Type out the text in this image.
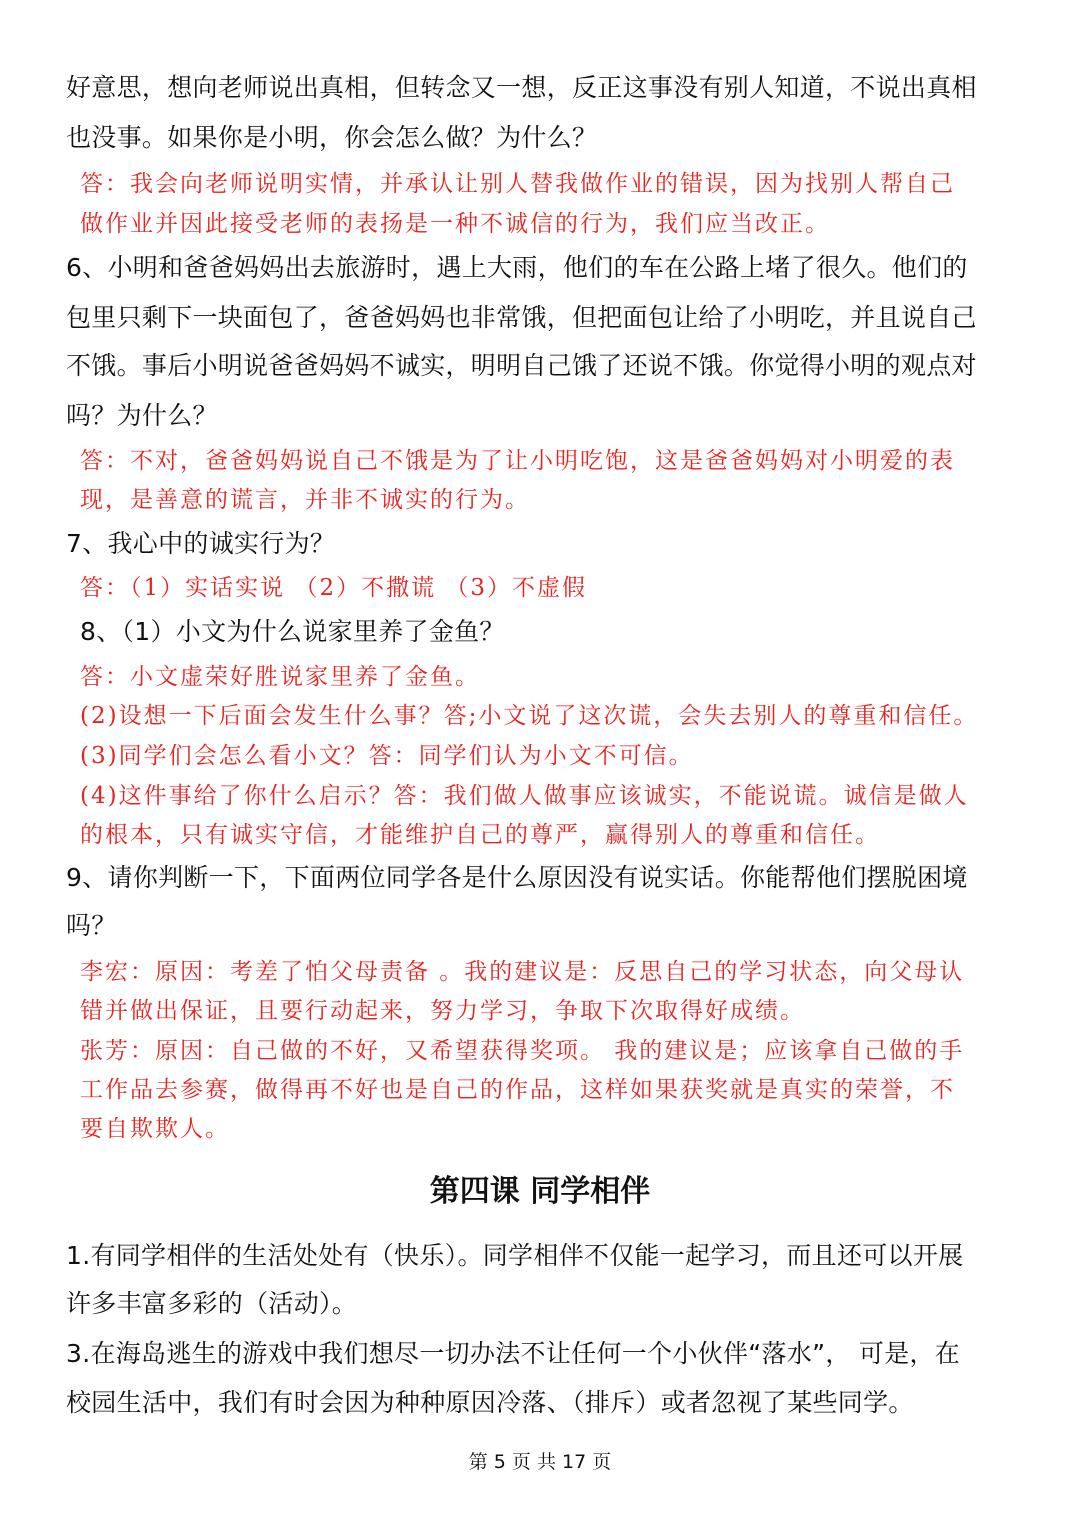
好意思，想向老师说出真相，但转念又一想，反正这事没有别人知道，不说出真相
也没事。如果你是小明，你会怎么做？为什么？
答：我会向老师说明实情，并承认让别人替我做作业的错误，因为找别人帮自己
做作业并因此接受老师的表扬是一种不诚信的行为，我们应当改正。
6、小明和爸爸妈妈出去旅游时，遇上大雨，他们的车在公路上堵了很久。他们的
包里只剩下一块面包了，爸爸妈妈也非常饿，但把面包让给了小明吃，并且说自己
不饿。事后小明说爸爸妈妈不诚实，明明自己饿了还说不饿。你觉得小明的观点对
吗？为什么？
答：不对，爸爸妈妈说自己不饿是为了让小明吃饱，这是爸爸妈妈对小明爱的表
现，是善意的谎言，并非不诚实的行为。
7、我心中的诚实行为？
答：（1）实话实说 （2）不撒谎 （3）不虚假
8、（1）小文为什么说家里养了金鱼？
答：小文虚荣好胜说家里养了金鱼。
(2)设想一下后面会发生什么事？答;小文说了这次谎，会失去别人的尊重和信任。
(3)同学们会怎么看小文？答：同学们认为小文不可信。
(4)这件事给了你什么启示？答：我们做人做事应该诚实，不能说谎。诚信是做人
的根本，只有诚实守信，才能维护自己的尊严，赢得别人的尊重和信任。
9、请你判断一下，下面两位同学各是什么原因没有说实话。你能帮他们摆脱困境
吗？
李宏：原因：考差了怕父母责备 。我的建议是：反思自己的学习状态，向父母认
错并做出保证，且要行动起来，努力学习，争取下次取得好成绩。
张芳：原因：自己做的不好，又希望获得奖项。 我的建议是；应该拿自己做的手
工作品去参赛，做得再不好也是自己的作品，这样如果获奖就是真实的荣誉，不
要自欺欺人。
第四课 同学相伴
1.有同学相伴的生活处处有（快乐）。同学相伴不仅能一起学习，而且还可以开展
许多丰富多彩的（活动）。
3.在海岛逃生的游戏中我们想尽一切办法不让任何一个小伙伴“落水”， 可是，在
校园生活中，我们有时会因为种种原因冷落、（排斥）或者忽视了某些同学。
第 5 页 共 17 页
